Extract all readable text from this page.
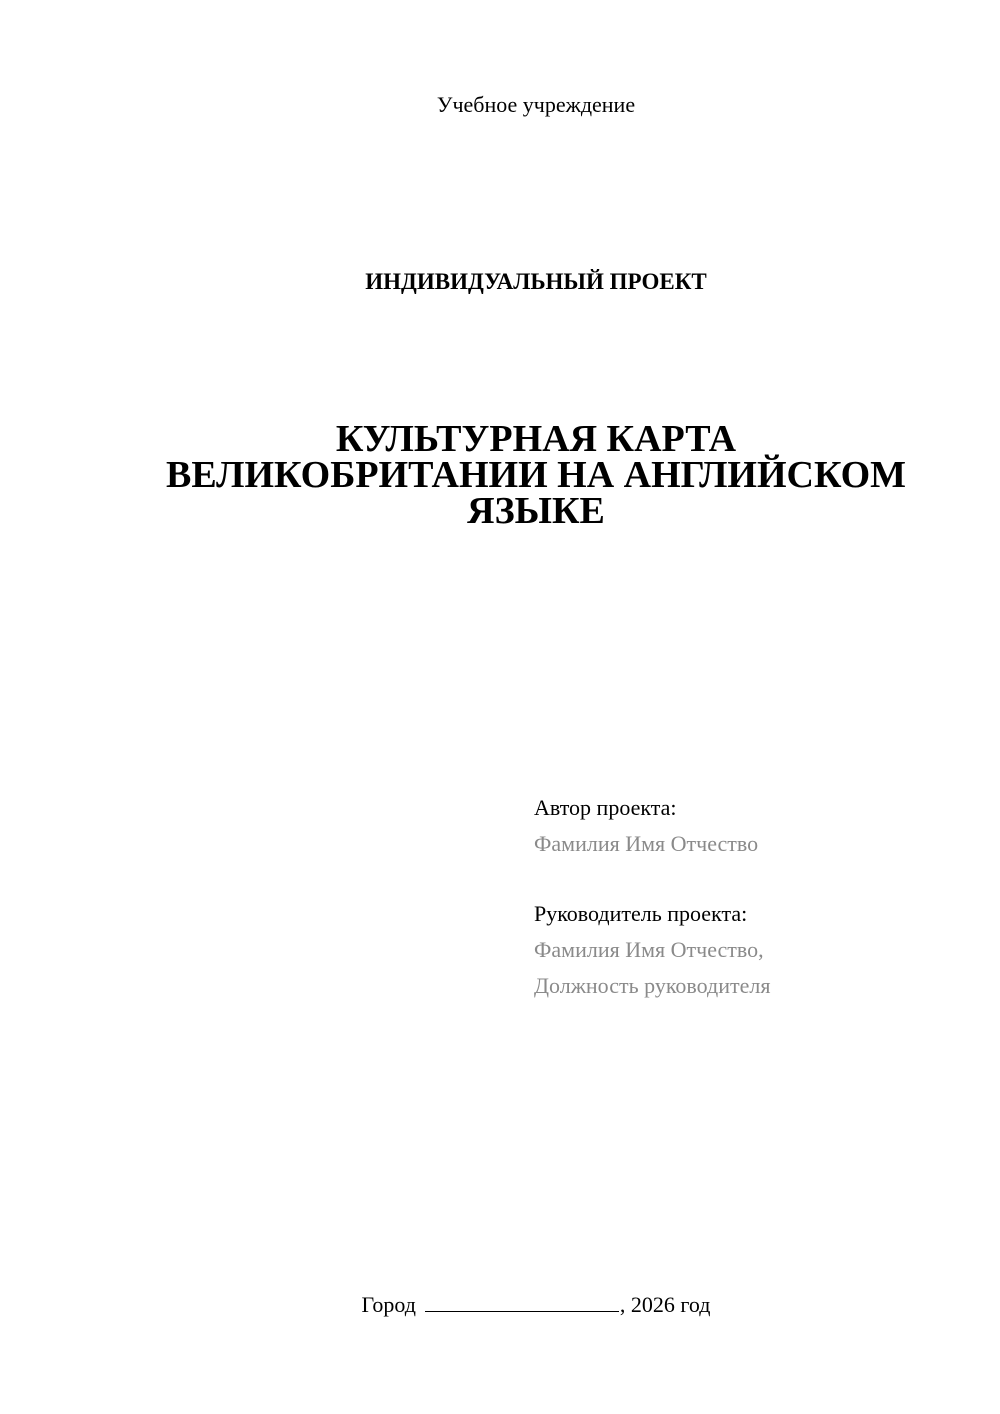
Учебное учреждение
ИНДИВИДУАЛЬНЫЙ ПРОЕКТ
КУЛЬТУРНАЯ КАРТА
ВЕЛИКОБРИТАНИИ НА АНГЛИЙСКОМ
ЯЗЫКЕ
Автор проекта:
Фамилия Имя Отчество
Руководитель проекта:
Фамилия Имя Отчество,
Должность руководителя
Город	, 2026 год
